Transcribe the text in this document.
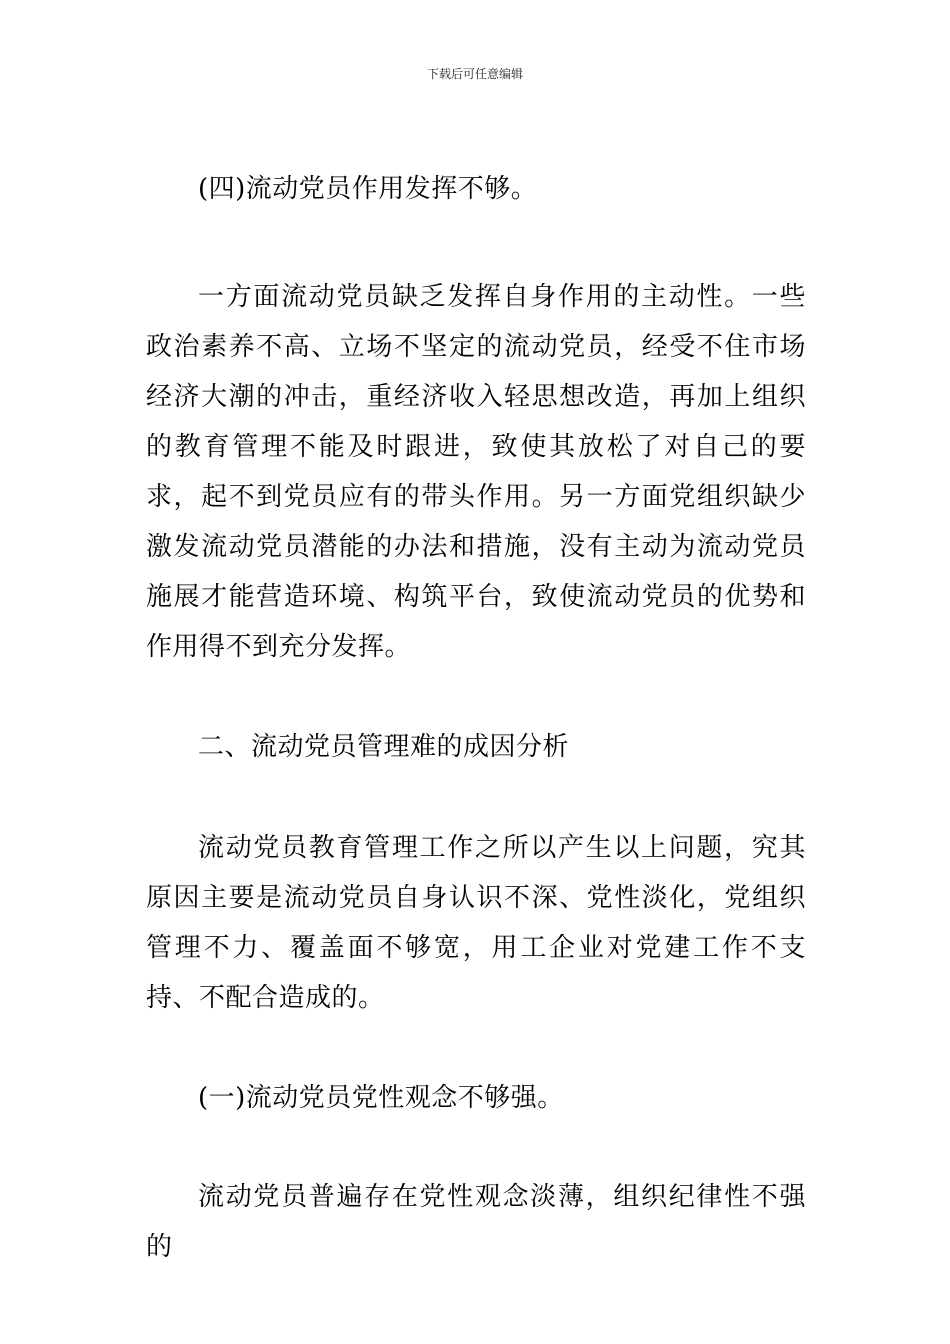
下载后可任意编辑

(四)流动党员作用发挥不够。

一方面流动党员缺乏发挥自身作用的主动性。一些政治素养不高、立场不坚定的流动党员，经受不住市场经济大潮的冲击，重经济收入轻思想改造，再加上组织的教育管理不能及时跟进，致使其放松了对自己的要求，起不到党员应有的带头作用。另一方面党组织缺少激发流动党员潜能的办法和措施，没有主动为流动党员施展才能营造环境、构筑平台，致使流动党员的优势和作用得不到充分发挥。

二、流动党员管理难的成因分析

流动党员教育管理工作之所以产生以上问题，究其原因主要是流动党员自身认识不深、党性淡化，党组织管理不力、覆盖面不够宽，用工企业对党建工作不支持、不配合造成的。

(一)流动党员党性观念不够强。

流动党员普遍存在党性观念淡薄，组织纪律性不强的
